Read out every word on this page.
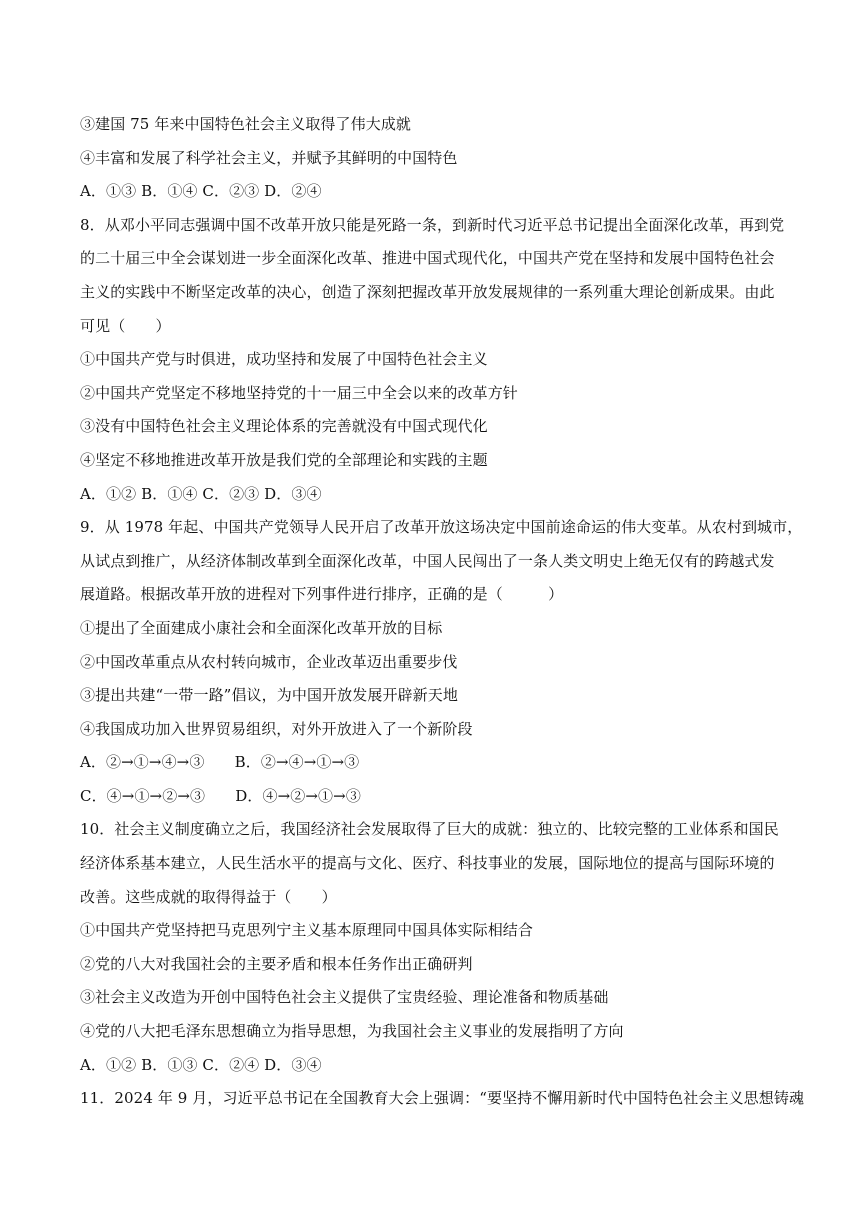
③建国 75 年来中国特色社会主义取得了伟大成就
④丰富和发展了科学社会主义，并赋予其鲜明的中国特色
A．①③ B．①④ C．②③ D．②④
8．从邓小平同志强调中国不改革开放只能是死路一条，到新时代习近平总书记提出全面深化改革，再到党
的二十届三中全会谋划进一步全面深化改革、推进中国式现代化，中国共产党在坚持和发展中国特色社会
主义的实践中不断坚定改革的决心，创造了深刻把握改革开放发展规律的一系列重大理论创新成果。由此
可见（　　）
①中国共产党与时俱进，成功坚持和发展了中国特色社会主义
②中国共产党坚定不移地坚持党的十一届三中全会以来的改革方针
③没有中国特色社会主义理论体系的完善就没有中国式现代化
④坚定不移地推进改革开放是我们党的全部理论和实践的主题
A．①② B．①④ C．②③ D．③④
9．从 1978 年起、中国共产党领导人民开启了改革开放这场决定中国前途命运的伟大变革。从农村到城市，
从试点到推广，从经济体制改革到全面深化改革，中国人民闯出了一条人类文明史上绝无仅有的跨越式发
展道路。根据改革开放的进程对下列事件进行排序，正确的是（　　　）
①提出了全面建成小康社会和全面深化改革开放的目标
②中国改革重点从农村转向城市，企业改革迈出重要步伐
③提出共建“一带一路”倡议，为中国开放发展开辟新天地
④我国成功加入世界贸易组织，对外开放进入了一个新阶段
A．②→①→④→③　　B．②→④→①→③
C．④→①→②→③　　D．④→②→①→③
10．社会主义制度确立之后，我国经济社会发展取得了巨大的成就：独立的、比较完整的工业体系和国民
经济体系基本建立，人民生活水平的提高与文化、医疗、科技事业的发展，国际地位的提高与国际环境的
改善。这些成就的取得得益于（　　）
①中国共产党坚持把马克思列宁主义基本原理同中国具体实际相结合
②党的八大对我国社会的主要矛盾和根本任务作出正确研判
③社会主义改造为开创中国特色社会主义提供了宝贵经验、理论准备和物质基础
④党的八大把毛泽东思想确立为指导思想，为我国社会主义事业的发展指明了方向
A．①② B．①③ C．②④ D．③④
11．2024 年 9 月，习近平总书记在全国教育大会上强调：“要坚持不懈用新时代中国特色社会主义思想铸魂
